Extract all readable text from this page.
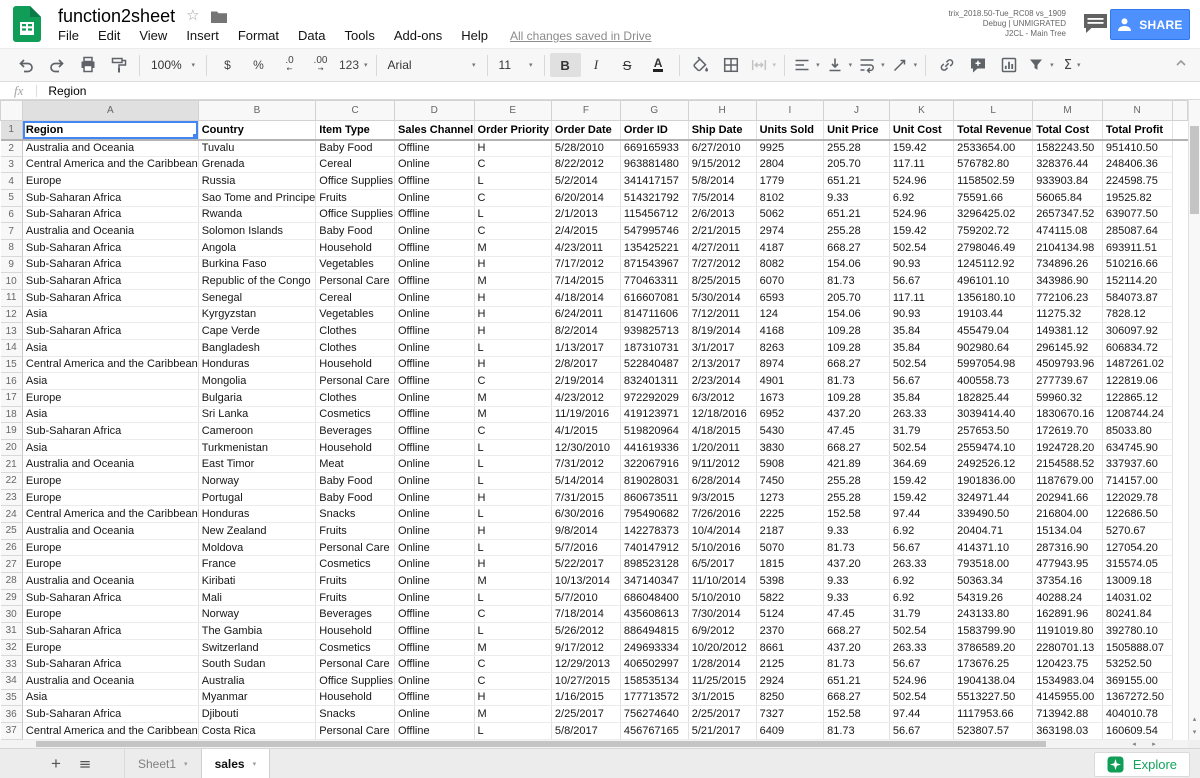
function2sheet ☆
File Edit View Insert Format Data Tools Add-ons Help All changes saved in Drive
trix_2018.50-Tue_RC08 vs_1909
Debug | UNMIGRATED
J2CL - Main Tree
SHARE
100% ▾ $ % .0
←
.00
→ 123 ▾ Arial	▾ 11	▾ B I S A	▾	▾	▾	▾	▾	▾ Σ ▾
fx Region
	A	B	C	D	E	F	G	H	I	J	K	L	M	N	
1	Region	Country	Item Type	Sales Channel	Order Priority	Order Date	Order ID	Ship Date	Units Sold	Unit Price	Unit Cost	Total Revenue	Total Cost	Total Profit	
2	Australia and Oceania	Tuvalu	Baby Food	Offline	H	5/28/2010	669165933	6/27/2010	9925	255.28	159.42	2533654.00	1582243.50	951410.50	
3	Central America and the Caribbean	Grenada	Cereal	Online	C	8/22/2012	963881480	9/15/2012	2804	205.70	117.11	576782.80	328376.44	248406.36	
4	Europe	Russia	Office Supplies	Offline	L	5/2/2014	341417157	5/8/2014	1779	651.21	524.96	1158502.59	933903.84	224598.75	
5	Sub-Saharan Africa	Sao Tome and Principe	Fruits	Online	C	6/20/2014	514321792	7/5/2014	8102	9.33	6.92	75591.66	56065.84	19525.82	
6	Sub-Saharan Africa	Rwanda	Office Supplies	Offline	L	2/1/2013	115456712	2/6/2013	5062	651.21	524.96	3296425.02	2657347.52	639077.50	
7	Australia and Oceania	Solomon Islands	Baby Food	Online	C	2/4/2015	547995746	2/21/2015	2974	255.28	159.42	759202.72	474115.08	285087.64	
8	Sub-Saharan Africa	Angola	Household	Offline	M	4/23/2011	135425221	4/27/2011	4187	668.27	502.54	2798046.49	2104134.98	693911.51	
9	Sub-Saharan Africa	Burkina Faso	Vegetables	Online	H	7/17/2012	871543967	7/27/2012	8082	154.06	90.93	1245112.92	734896.26	510216.66	
10	Sub-Saharan Africa	Republic of the Congo	Personal Care	Offline	M	7/14/2015	770463311	8/25/2015	6070	81.73	56.67	496101.10	343986.90	152114.20	
11	Sub-Saharan Africa	Senegal	Cereal	Online	H	4/18/2014	616607081	5/30/2014	6593	205.70	117.11	1356180.10	772106.23	584073.87	
12	Asia	Kyrgyzstan	Vegetables	Online	H	6/24/2011	814711606	7/12/2011	124	154.06	90.93	19103.44	11275.32	7828.12	
13	Sub-Saharan Africa	Cape Verde	Clothes	Offline	H	8/2/2014	939825713	8/19/2014	4168	109.28	35.84	455479.04	149381.12	306097.92	
14	Asia	Bangladesh	Clothes	Online	L	1/13/2017	187310731	3/1/2017	8263	109.28	35.84	902980.64	296145.92	606834.72	
15	Central America and the Caribbean	Honduras	Household	Offline	H	2/8/2017	522840487	2/13/2017	8974	668.27	502.54	5997054.98	4509793.96	1487261.02	
16	Asia	Mongolia	Personal Care	Offline	C	2/19/2014	832401311	2/23/2014	4901	81.73	56.67	400558.73	277739.67	122819.06	
17	Europe	Bulgaria	Clothes	Online	M	4/23/2012	972292029	6/3/2012	1673	109.28	35.84	182825.44	59960.32	122865.12	
18	Asia	Sri Lanka	Cosmetics	Offline	M	11/19/2016	419123971	12/18/2016	6952	437.20	263.33	3039414.40	1830670.16	1208744.24	
19	Sub-Saharan Africa	Cameroon	Beverages	Offline	C	4/1/2015	519820964	4/18/2015	5430	47.45	31.79	257653.50	172619.70	85033.80	
20	Asia	Turkmenistan	Household	Offline	L	12/30/2010	441619336	1/20/2011	3830	668.27	502.54	2559474.10	1924728.20	634745.90	
21	Australia and Oceania	East Timor	Meat	Online	L	7/31/2012	322067916	9/11/2012	5908	421.89	364.69	2492526.12	2154588.52	337937.60	
22	Europe	Norway	Baby Food	Online	L	5/14/2014	819028031	6/28/2014	7450	255.28	159.42	1901836.00	1187679.00	714157.00	
23	Europe	Portugal	Baby Food	Online	H	7/31/2015	860673511	9/3/2015	1273	255.28	159.42	324971.44	202941.66	122029.78	
24	Central America and the Caribbean	Honduras	Snacks	Online	L	6/30/2016	795490682	7/26/2016	2225	152.58	97.44	339490.50	216804.00	122686.50	
25	Australia and Oceania	New Zealand	Fruits	Online	H	9/8/2014	142278373	10/4/2014	2187	9.33	6.92	20404.71	15134.04	5270.67	
26	Europe	Moldova	Personal Care	Online	L	5/7/2016	740147912	5/10/2016	5070	81.73	56.67	414371.10	287316.90	127054.20	
27	Europe	France	Cosmetics	Online	H	5/22/2017	898523128	6/5/2017	1815	437.20	263.33	793518.00	477943.95	315574.05	
28	Australia and Oceania	Kiribati	Fruits	Online	M	10/13/2014	347140347	11/10/2014	5398	9.33	6.92	50363.34	37354.16	13009.18	
29	Sub-Saharan Africa	Mali	Fruits	Online	L	5/7/2010	686048400	5/10/2010	5822	9.33	6.92	54319.26	40288.24	14031.02	
30	Europe	Norway	Beverages	Offline	C	7/18/2014	435608613	7/30/2014	5124	47.45	31.79	243133.80	162891.96	80241.84	
31	Sub-Saharan Africa	The Gambia	Household	Offline	L	5/26/2012	886494815	6/9/2012	2370	668.27	502.54	1583799.90	1191019.80	392780.10	
32	Europe	Switzerland	Cosmetics	Offline	M	9/17/2012	249693334	10/20/2012	8661	437.20	263.33	3786589.20	2280701.13	1505888.07	
33	Sub-Saharan Africa	South Sudan	Personal Care	Offline	C	12/29/2013	406502997	1/28/2014	2125	81.73	56.67	173676.25	120423.75	53252.50	
34	Australia and Oceania	Australia	Office Supplies	Online	C	10/27/2015	158535134	11/25/2015	2924	651.21	524.96	1904138.04	1534983.04	369155.00	
35	Asia	Myanmar	Household	Offline	H	1/16/2015	177713572	3/1/2015	8250	668.27	502.54	5513227.50	4145955.00	1367272.50	
36	Sub-Saharan Africa	Djibouti	Snacks	Online	M	2/25/2017	756274640	2/25/2017	7327	152.58	97.44	1117953.66	713942.88	404010.78	
37	Central America and the Caribbean	Costa Rica	Personal Care	Offline	L	5/8/2017	456767165	5/21/2017	6409	81.73	56.67	523807.57	363198.03	160609.54	
▴
▾
◂	▸
+	≡	Sheet1 ▾ sales ▾	Explore
